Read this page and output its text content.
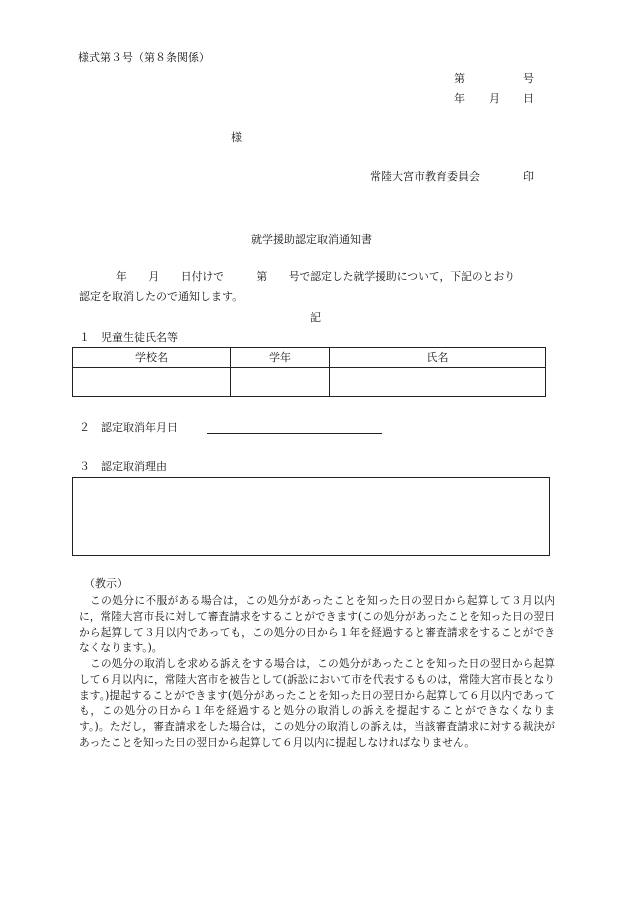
様式第３号（第８条関係）
第	号
年 月 日
様
常陸大宮市教育委員会	印
就学援助認定取消通知書
年　　月　　日付けで　　　第　　号で認定した就学援助について，下記のとおり
認定を取消したので通知します。
記
１　児童生徒氏名等
学校名	学年	氏名
２　認定取消年月日
３　認定取消理由
（教示）
この処分に不服がある場合は，この処分があったことを知った日の翌日から起算して３月以内に，常陸大宮市長に対して審査請求をすることができます(この処分があったことを知った日の翌日から起算して３月以内であっても，この処分の日から１年を経過すると審査請求をすることができなくなります。)。
この処分の取消しを求める訴えをする場合は，この処分があったことを知った日の翌日から起算して６月以内に，常陸大宮市を被告として(訴訟において市を代表するものは，常陸大宮市長となります。)提起することができます(処分があったことを知った日の翌日から起算して６月以内であっても，この処分の日から１年を経過すると処分の取消しの訴えを提起することができなくなります。)。ただし，審査請求をした場合は，この処分の取消しの訴えは，当該審査請求に対する裁決があったことを知った日の翌日から起算して６月以内に提起しなければなりません。
